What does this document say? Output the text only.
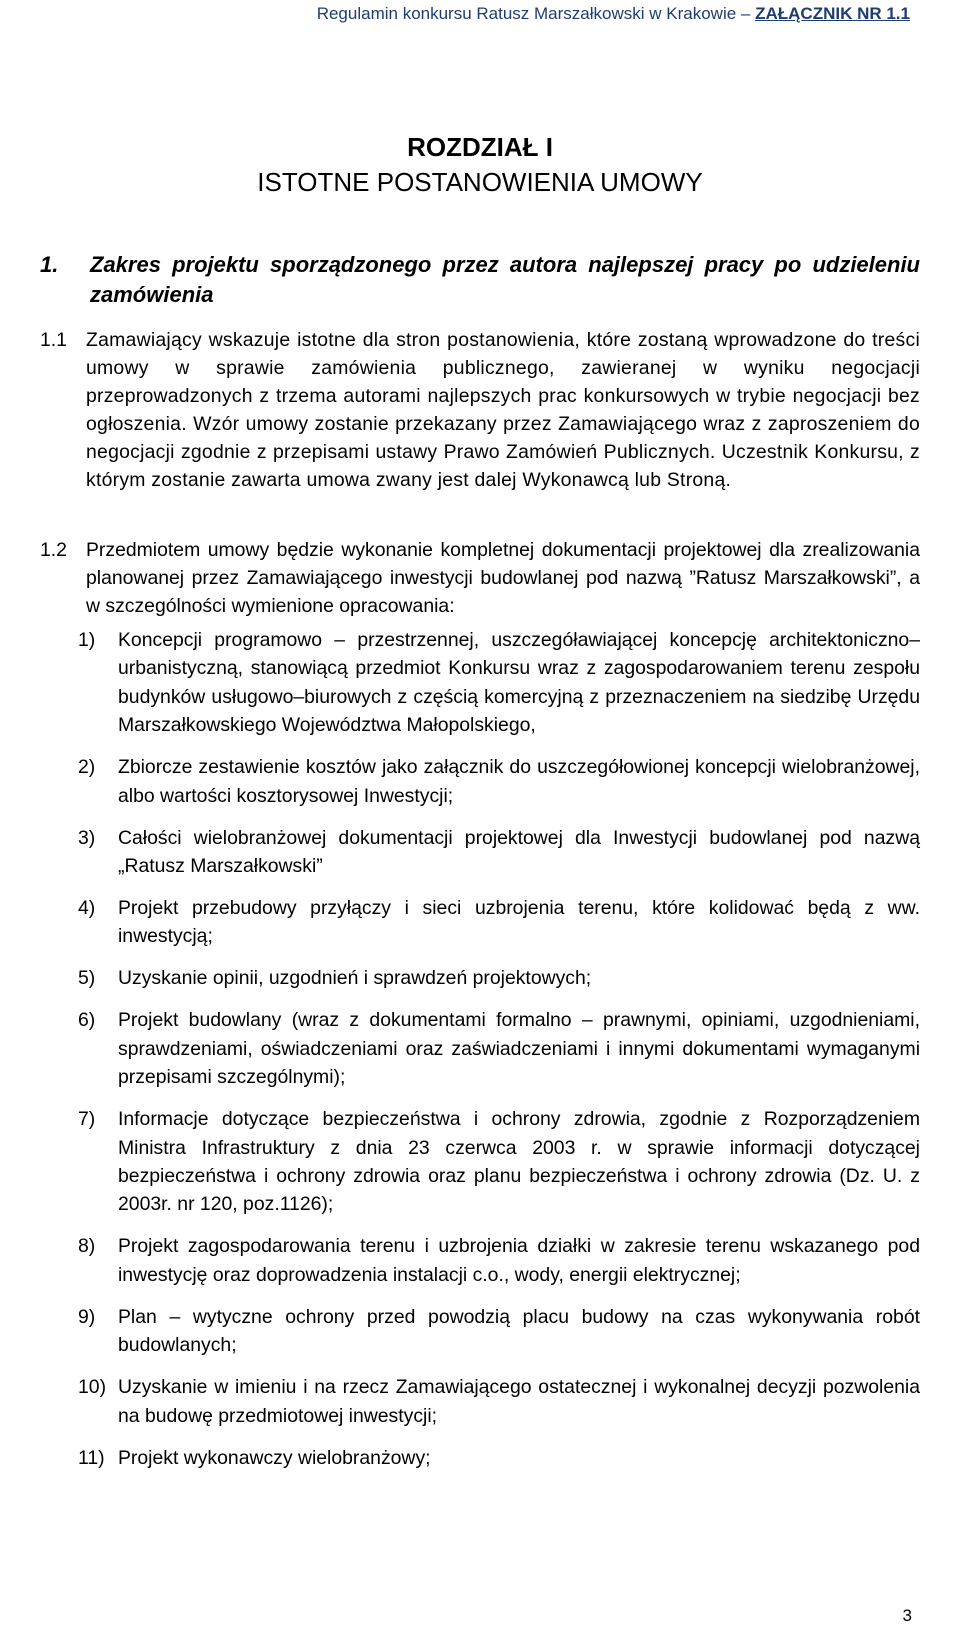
Regulamin konkursu Ratusz Marszałkowski w Krakowie – ZAŁĄCZNIK NR 1.1
ROZDZIAŁ I
ISTOTNE POSTANOWIENIA UMOWY
1.	Zakres projektu sporządzonego przez autora najlepszej pracy po udzieleniu zamówienia
1.1 Zamawiający wskazuje istotne dla stron postanowienia, które zostaną wprowadzone do treści umowy w sprawie zamówienia publicznego, zawieranej w wyniku negocjacji przeprowadzonych z trzema autorami najlepszych prac konkursowych w trybie negocjacji bez ogłoszenia. Wzór umowy zostanie przekazany przez Zamawiającego wraz z zaproszeniem do negocjacji zgodnie z przepisami ustawy Prawo Zamówień Publicznych. Uczestnik Konkursu, z którym zostanie zawarta umowa zwany jest dalej Wykonawcą lub Stroną.
1.2 Przedmiotem umowy będzie wykonanie kompletnej dokumentacji projektowej dla zrealizowania planowanej przez Zamawiającego inwestycji budowlanej pod nazwą ”Ratusz Marszałkowski”, a w szczególności wymienione opracowania:
1)	Koncepcji programowo – przestrzennej, uszczegóławiającej koncepcję architektoniczno–urbanistyczną, stanowiącą przedmiot Konkursu wraz z zagospodarowaniem terenu zespołu budynków usługowo–biurowych z częścią komercyjną z przeznaczeniem na siedzibę Urzędu Marszałkowskiego Województwa Małopolskiego,
2)	Zbiorcze zestawienie kosztów jako załącznik do uszczegółowionej koncepcji wielobranżowej, albo wartości kosztorysowej Inwestycji;
3)	Całości wielobranżowej dokumentacji projektowej dla Inwestycji budowlanej pod nazwą „Ratusz Marszałkowski”
4)	Projekt przebudowy przyłączy i sieci uzbrojenia terenu, które kolidować będą z ww. inwestycją;
5)	Uzyskanie opinii, uzgodnień i sprawdzeń projektowych;
6)	Projekt budowlany (wraz z dokumentami formalno – prawnymi, opiniami, uzgodnieniami, sprawdzeniami, oświadczeniami oraz zaświadczeniami i innymi dokumentami wymaganymi przepisami szczególnymi);
7)	Informacje dotyczące bezpieczeństwa i ochrony zdrowia, zgodnie z Rozporządzeniem Ministra Infrastruktury z dnia 23 czerwca 2003 r. w sprawie informacji dotyczącej bezpieczeństwa i ochrony zdrowia oraz planu bezpieczeństwa i ochrony zdrowia (Dz. U. z 2003r. nr 120, poz.1126);
8)	Projekt zagospodarowania terenu i uzbrojenia działki w zakresie terenu wskazanego pod inwestycję oraz doprowadzenia instalacji c.o., wody, energii elektrycznej;
9)	Plan – wytyczne ochrony przed powodzią placu budowy na czas wykonywania robót budowlanych;
10) Uzyskanie w imieniu i na rzecz Zamawiającego ostatecznej i wykonalnej decyzji pozwolenia na budowę przedmiotowej inwestycji;
11) Projekt wykonawczy wielobranżowy;
3
